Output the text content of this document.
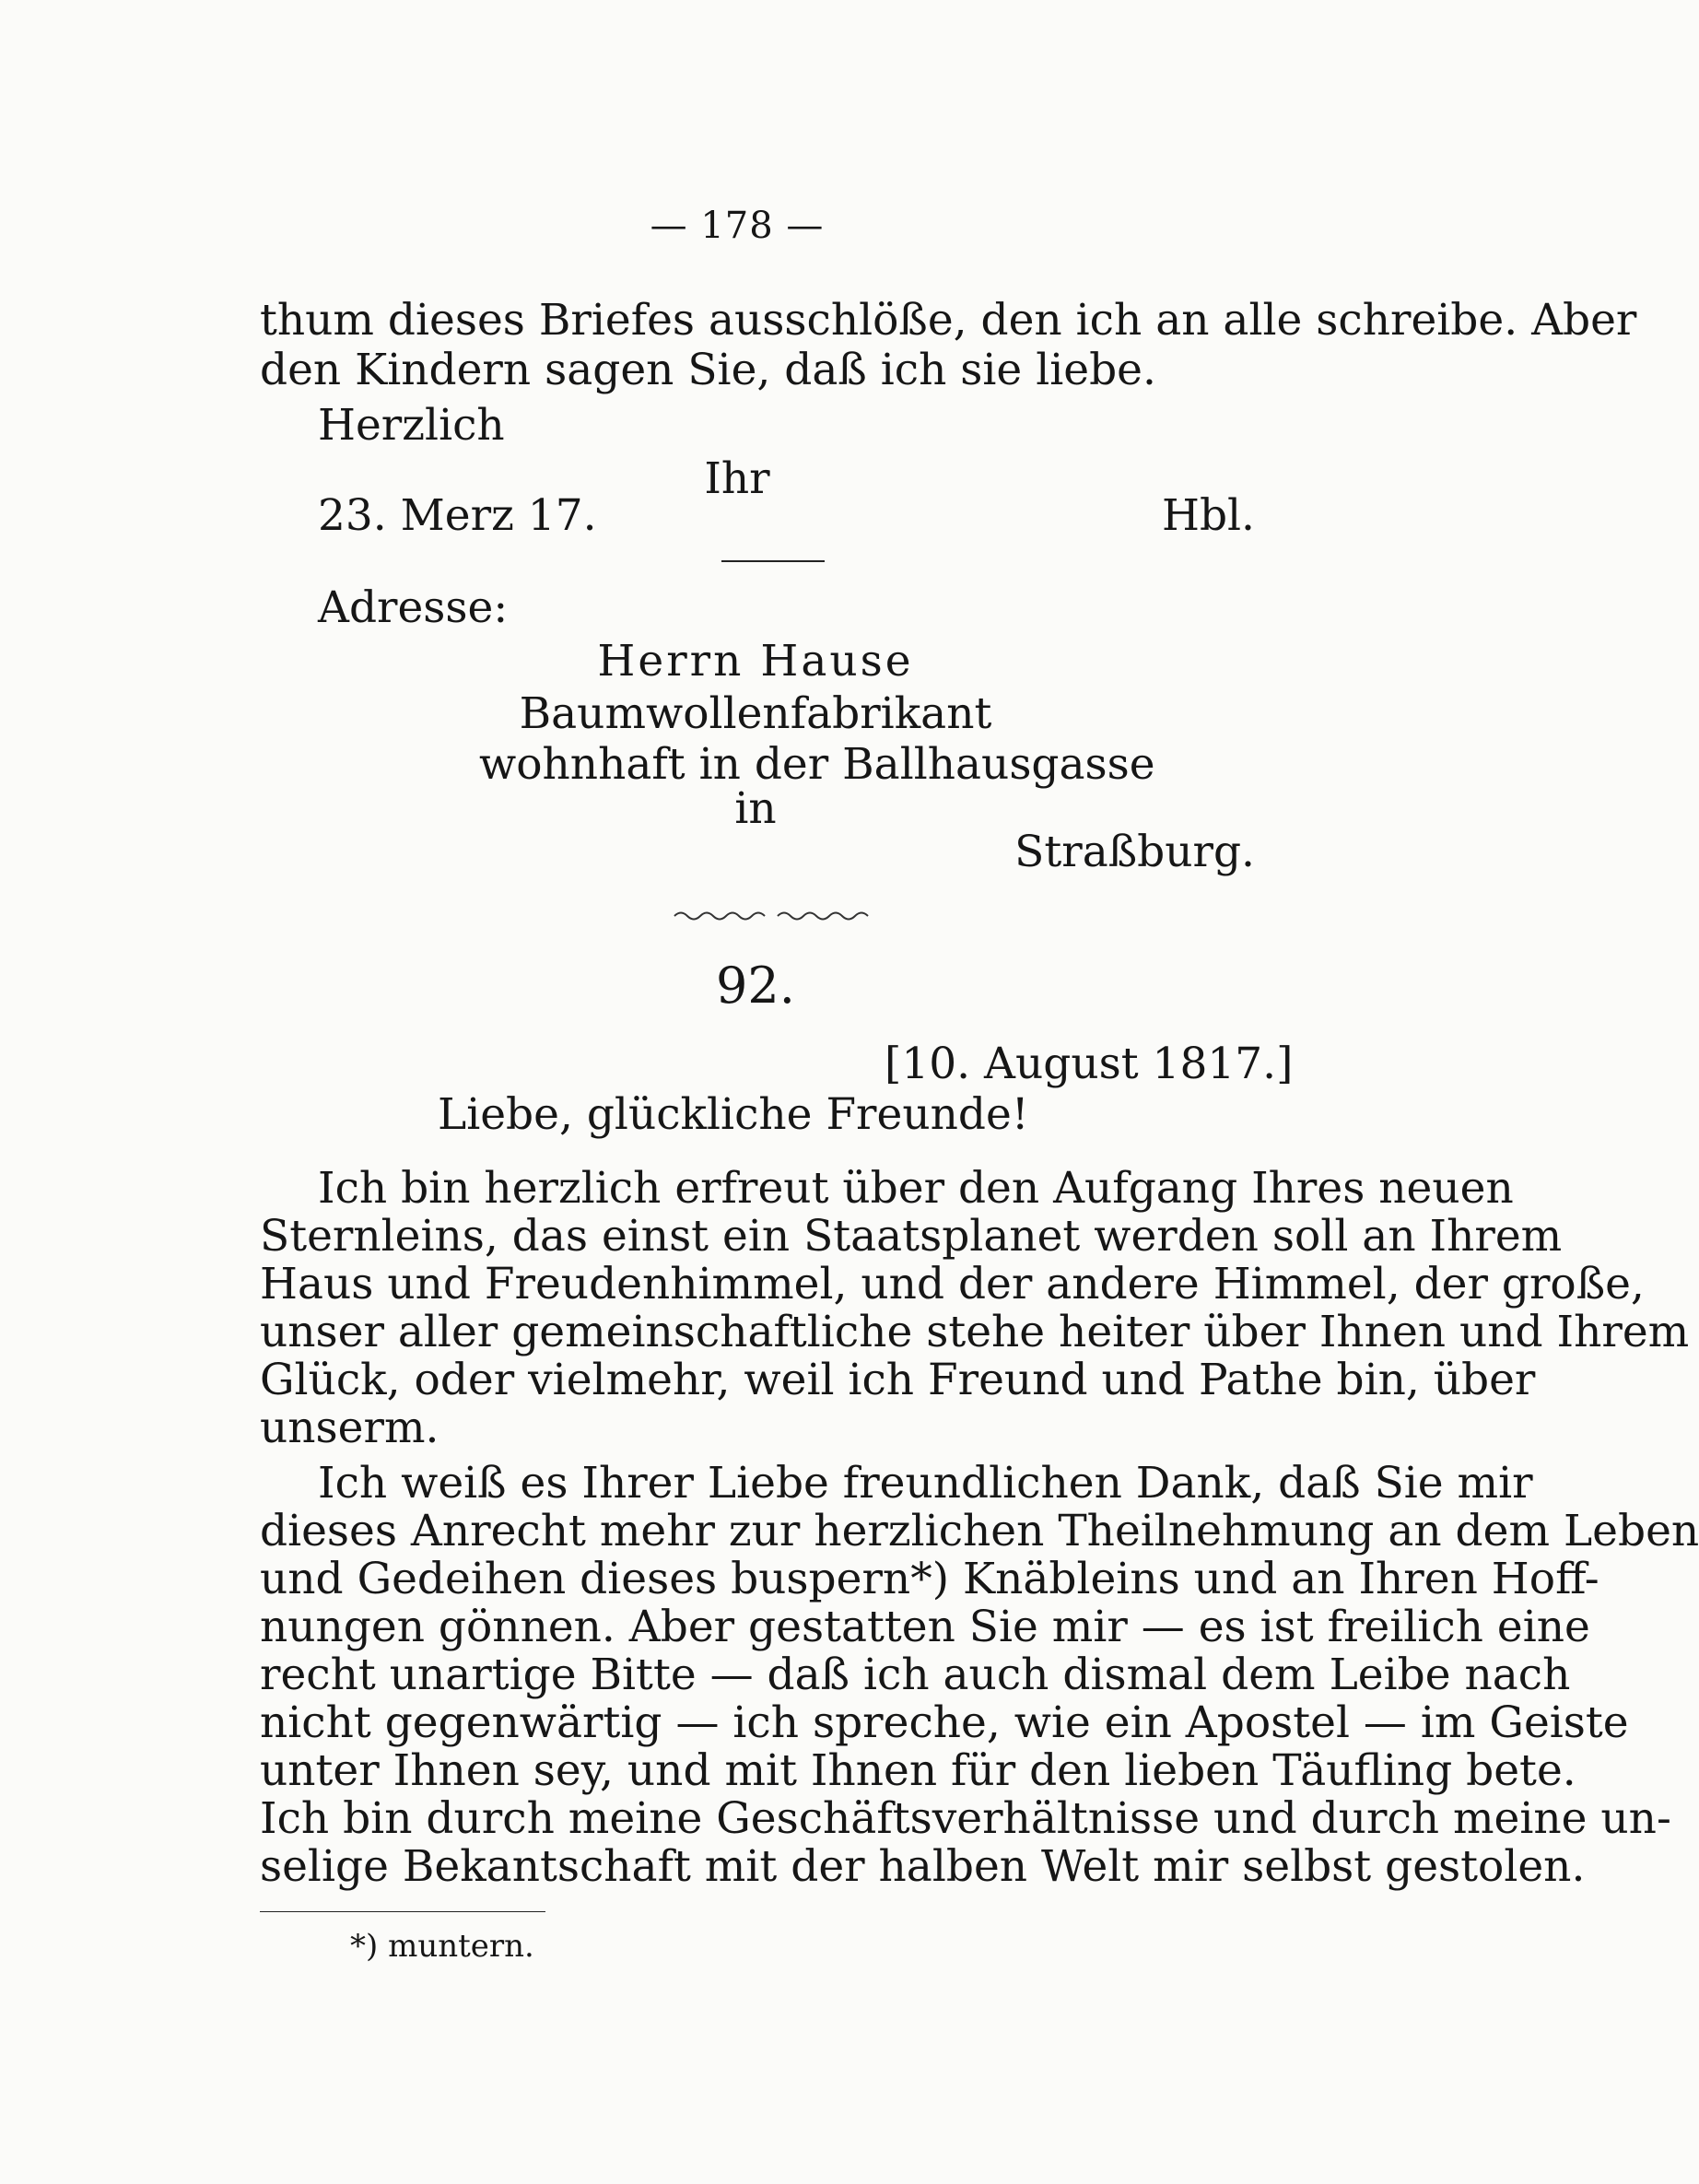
— 178 —

thum dieses Briefes ausschlöße, den ich an alle schreibe. Aber

den Kindern sagen Sie, daß ich sie liebe.

Herzlich

Ihr

23. Merz 17.	Hbl.

Adresse:

Herrn Hause

Baumwollenfabrikant

wohnhaft in der Ballhausgasse

in

Straßburg.

92.

[10. August 1817.]

Liebe, glückliche Freunde!

Ich bin herzlich erfreut über den Aufgang Ihres neuen

Sternleins, das einst ein Staatsplanet werden soll an Ihrem

Haus und Freudenhimmel, und der andere Himmel, der große,

unser aller gemeinschaftliche stehe heiter über Ihnen und Ihrem

Glück, oder vielmehr, weil ich Freund und Pathe bin, über

unserm.

Ich weiß es Ihrer Liebe freundlichen Dank, daß Sie mir

dieses Anrecht mehr zur herzlichen Theilnehmung an dem Leben

und Gedeihen dieses buspern*) Knäbleins und an Ihren Hoff-

nungen gönnen. Aber gestatten Sie mir — es ist freilich eine

recht unartige Bitte — daß ich auch dismal dem Leibe nach

nicht gegenwärtig — ich spreche, wie ein Apostel — im Geiste

unter Ihnen sey, und mit Ihnen für den lieben Täufling bete.

Ich bin durch meine Geschäftsverhältnisse und durch meine un-

selige Bekantschaft mit der halben Welt mir selbst gestolen.

*) muntern.
